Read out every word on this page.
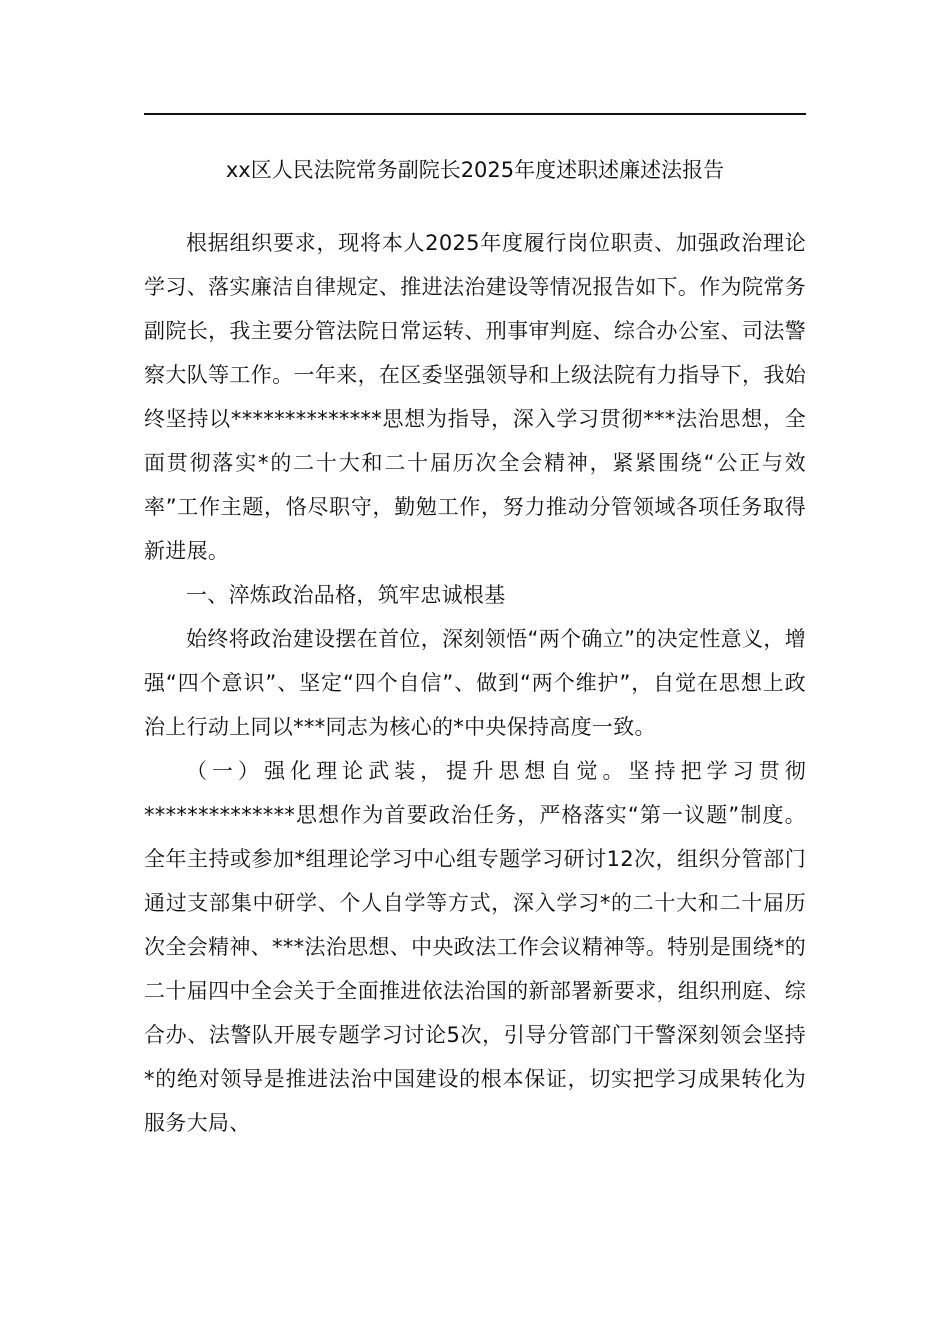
xx区人民法院常务副院长2025年度述职述廉述法报告

根据组织要求，现将本人2025年度履行岗位职责、加强政治理论学习、落实廉洁自律规定、推进法治建设等情况报告如下。作为院常务副院长，我主要分管法院日常运转、刑事审判庭、综合办公室、司法警察大队等工作。一年来，在区委坚强领导和上级法院有力指导下，我始终坚持以**************思想为指导，深入学习贯彻***法治思想，全面贯彻落实*的二十大和二十届历次全会精神，紧紧围绕“公正与效率”工作主题，恪尽职守，勤勉工作，努力推动分管领域各项任务取得新进展。

一、淬炼政治品格，筑牢忠诚根基

始终将政治建设摆在首位，深刻领悟“两个确立”的决定性意义，增强“四个意识”、坚定“四个自信”、做到“两个维护”，自觉在思想上政治上行动上同以***同志为核心的*中央保持高度一致。

（一）强化理论武装，提升思想自觉。坚持把学习贯彻**************思想作为首要政治任务，严格落实“第一议题”制度。全年主持或参加*组理论学习中心组专题学习研讨12次，组织分管部门通过支部集中研学、个人自学等方式，深入学习*的二十大和二十届历次全会精神、***法治思想、中央政法工作会议精神等。特别是围绕*的二十届四中全会关于全面推进依法治国的新部署新要求，组织刑庭、综合办、法警队开展专题学习讨论5次，引导分管部门干警深刻领会坚持*的绝对领导是推进法治中国建设的根本保证，切实把学习成果转化为服务大局、
